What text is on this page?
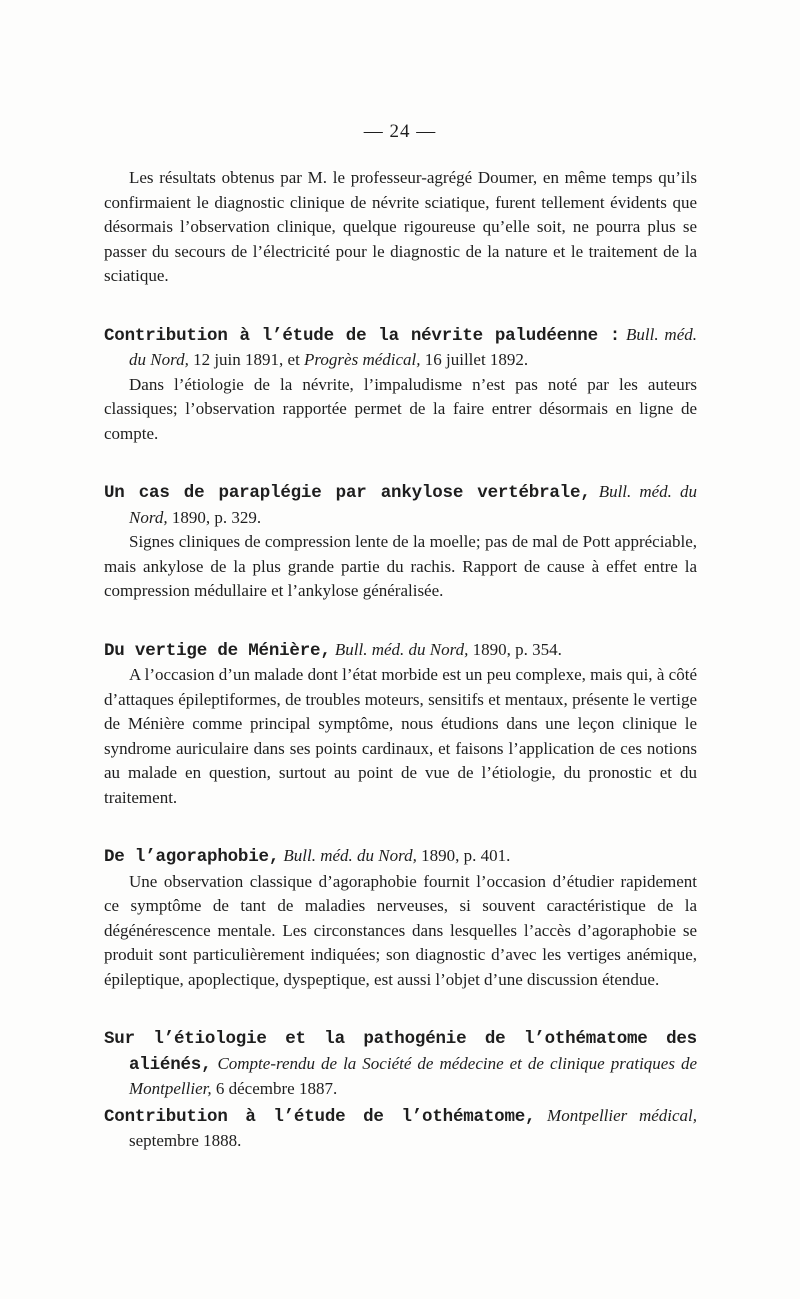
— 24 —

Les résultats obtenus par M. le professeur-agrégé Doumer, en même temps qu’ils confirmaient le diagnostic clinique de névrite sciatique, furent tellement évidents que désormais l’observation clinique, quelque rigoureuse qu’elle soit, ne pourra plus se passer du secours de l’électricité pour le diagnostic de la nature et le traitement de la sciatique.

Contribution à l’étude de la névrite paludéenne : Bull. méd. du Nord, 12 juin 1891, et Progrès médical, 16 juillet 1892.

Dans l’étiologie de la névrite, l’impaludisme n’est pas noté par les auteurs classiques; l’observation rapportée permet de la faire entrer désormais en ligne de compte.

Un cas de paraplégie par ankylose vertébrale, Bull. méd. du Nord, 1890, p. 329.

Signes cliniques de compression lente de la moelle; pas de mal de Pott appréciable, mais ankylose de la plus grande partie du rachis. Rapport de cause à effet entre la compression médullaire et l’ankylose généralisée.

Du vertige de Ménière, Bull. méd. du Nord, 1890, p. 354.

A l’occasion d’un malade dont l’état morbide est un peu complexe, mais qui, à côté d’attaques épileptiformes, de troubles moteurs, sensitifs et mentaux, présente le vertige de Ménière comme principal symptôme, nous étudions dans une leçon clinique le syndrome auriculaire dans ses points cardinaux, et faisons l’application de ces notions au malade en question, surtout au point de vue de l’étiologie, du pronostic et du traitement.

De l’agoraphobie, Bull. méd. du Nord, 1890, p. 401.

Une observation classique d’agoraphobie fournit l’occasion d’étudier rapidement ce symptôme de tant de maladies nerveuses, si souvent caractéristique de la dégénérescence mentale. Les circonstances dans lesquelles l’accès d’agoraphobie se produit sont particulièrement indiquées; son diagnostic d’avec les vertiges anémique, épileptique, apoplectique, dyspeptique, est aussi l’objet d’une discussion étendue.

Sur l’étiologie et la pathogénie de l’othématome des aliénés, Compte-rendu de la Société de médecine et de clinique pratiques de Montpellier, 6 décembre 1887.

Contribution à l’étude de l’othématome, Montpellier médical, septembre 1888.
